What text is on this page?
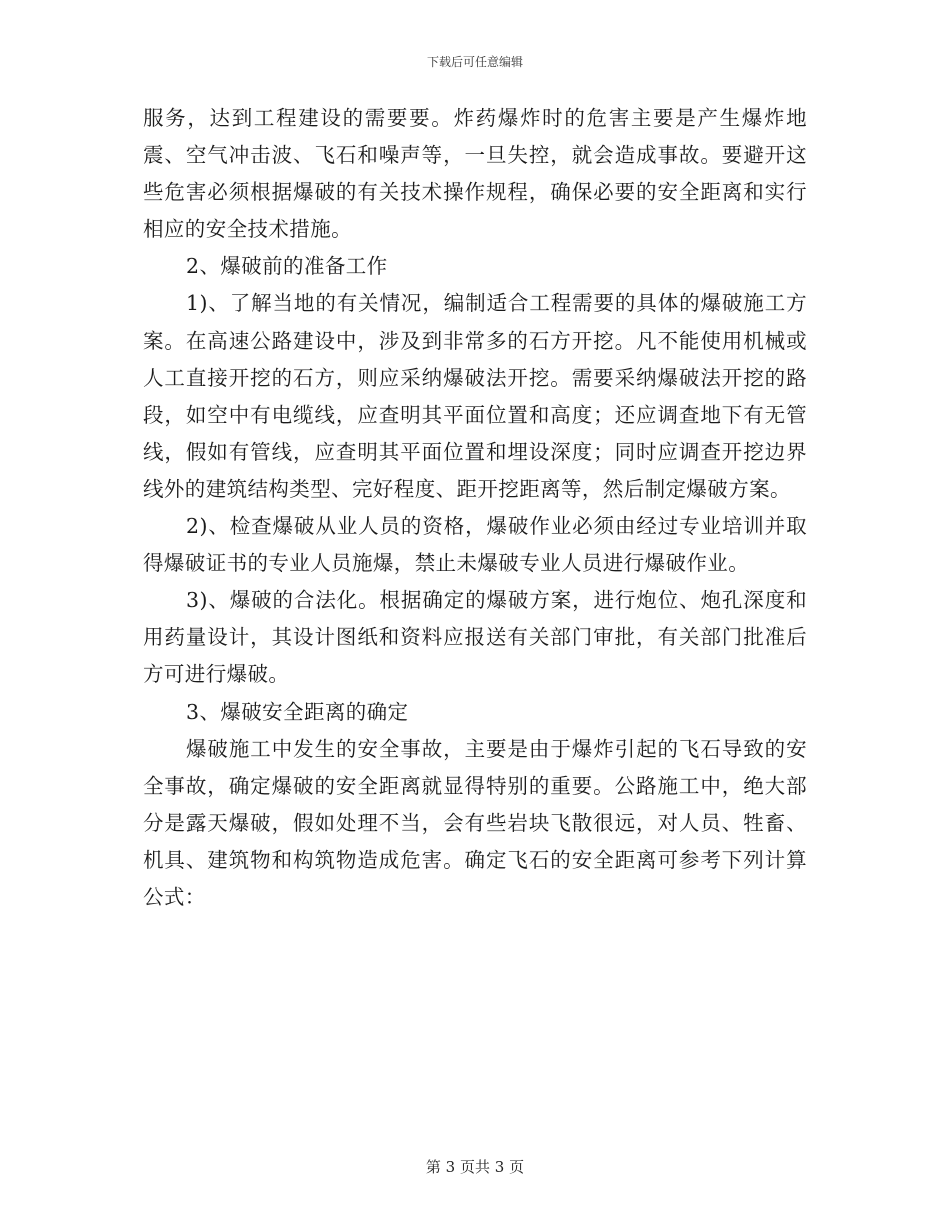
下载后可任意编辑

服务，达到工程建设的需要要。炸药爆炸时的危害主要是产生爆炸地震、空气冲击波、飞石和噪声等，一旦失控，就会造成事故。要避开这些危害必须根据爆破的有关技术操作规程，确保必要的安全距离和实行相应的安全技术措施。

2、爆破前的准备工作

1)、了解当地的有关情况，编制适合工程需要的具体的爆破施工方案。在高速公路建设中，涉及到非常多的石方开挖。凡不能使用机械或人工直接开挖的石方，则应采纳爆破法开挖。需要采纳爆破法开挖的路段，如空中有电缆线，应查明其平面位置和高度；还应调查地下有无管线，假如有管线，应查明其平面位置和埋设深度；同时应调查开挖边界线外的建筑结构类型、完好程度、距开挖距离等，然后制定爆破方案。

2)、检查爆破从业人员的资格，爆破作业必须由经过专业培训并取得爆破证书的专业人员施爆，禁止未爆破专业人员进行爆破作业。

3)、爆破的合法化。根据确定的爆破方案，进行炮位、炮孔深度和用药量设计，其设计图纸和资料应报送有关部门审批，有关部门批准后方可进行爆破。

3、爆破安全距离的确定

爆破施工中发生的安全事故，主要是由于爆炸引起的飞石导致的安全事故，确定爆破的安全距离就显得特别的重要。公路施工中，绝大部分是露天爆破，假如处理不当，会有些岩块飞散很远，对人员、牲畜、机具、建筑物和构筑物造成危害。确定飞石的安全距离可参考下列计算公式：

第 3 页共 3 页
